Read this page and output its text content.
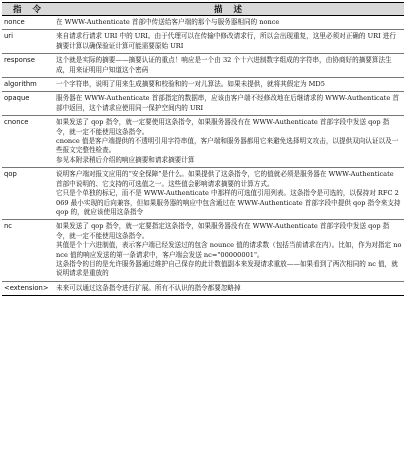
指 令	描 述
nonce	在 WWW-Authenticate 首部中传送给客户端的那个与服务器相同的 nonce

uri	来自请求行请求 URI 中的 URI。由于代理可以在传输中修改请求行，所以会出现重复，这里必须对正确的 URI 进行摘要计算以确保验证计算可能需要原始 URI

response	这个就是实际的摘要——摘要认证的重点！响应是一个由 32 个十六进制数字组成的字符串，由协商好的摘要算法生成，用来证明用户知道这个密码

algorithm	一个字符串，说明了用来生成摘要和校验和的一对儿算法。如果未提供，就将其假定为 MD5

opaque	服务器在 WWW-Authenticate 首部指定的数据串，应该由客户端不经修改地在后继请求的 WWW-Authenticate 首部中返回，这个请求应使用同一保护空间内的 URI

cnonce	如果发送了 qop 指令，就一定要使用这条指令，如果服务器没有在 WWW-Authenticate 首部字段中发送 qop 指令，就一定不能使用这条指令。

cnonce 值是客户端提供的不透明引用字符串值，客户端和服务器都用它来避免选择明文攻击，以提供双向认证以及一些报文完整性检查。

参见本附录稍后介绍的响应摘要和请求摘要计算

qop	说明客户端对报文应用的“安全保障”是什么。如果提供了这条指令，它的值就必须是服务器在 WWW-Authenticate 首部中说明的、它支持的可选值之一。这些值会影响请求摘要的计算方式。

它只是个单独的标记，而不是 WWW-Authenticate 中那样的可选值引用列表。这条指令是可选的，以保持对 RFC 2069 最小实现的后向兼容，但如果服务器的响应中包含通过在 WWW-Authenticate 首部字段中提供 qop 指令来支持 qop 的，就应该使用这条指令

nc	如果发送了 qop 指令，就一定要指定这条指令，如果服务器没有在 WWW-Authenticate 首部字段中发送 qop 指令，就一定不能使用这条指令。

其值是个十六进制值，表示客户端已经发送过的包含 nounce 值的请求数（包括当前请求在内）。比如，作为对指定 nonce 值的响应发送的第一条请求中，客户端会发送 nc="00000001"。

这条指令的目的是允许服务器通过维护自己保存的此计数值副本来发现请求重放——如果看到了两次相同的 nc 值，就说明请求是重放的

<extension>	未来可以通过这条指令进行扩展。所有不认识的指令都要忽略掉
